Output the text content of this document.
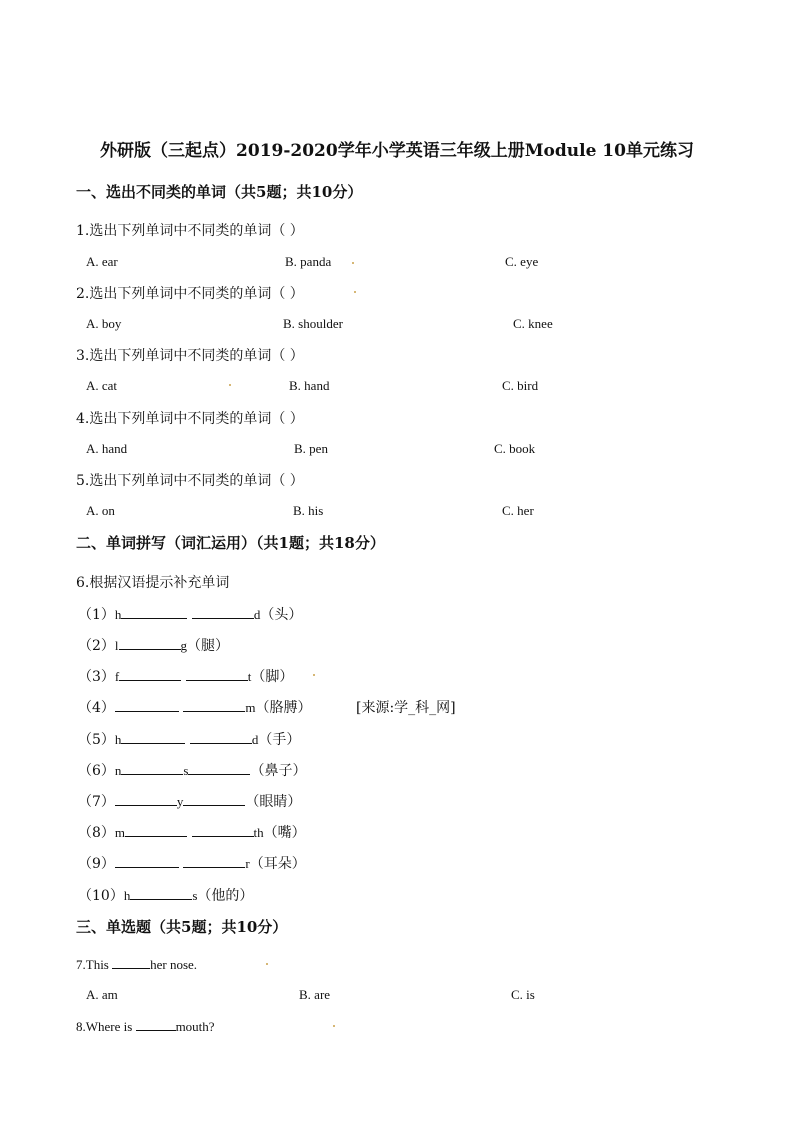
外研版（三起点）2019-2020学年小学英语三年级上册Module 10单元练习
一、选出不同类的单词（共5题；共10分）
1.选出下列单词中不同类的单词（ ）
A. ear	B. panda	C. eye
2.选出下列单词中不同类的单词（ ）
A. boy	B. shoulder	C. knee
3.选出下列单词中不同类的单词（ ）
A. cat	B. hand	C. bird
4.选出下列单词中不同类的单词（ ）
A. hand	B. pen	C. book
5.选出下列单词中不同类的单词（ ）
A. on	B. his	C. her
二、单词拼写（词汇运用）（共1题；共18分）
6.根据汉语提示补充单词
（1）h	d（头）
（2）l	g（腿）
（3）f	t（脚）
（4）	m（胳膊）	[来源:学_科_网]
（5）h	d（手）
（6）n	s	（鼻子）
（7）	y	（眼睛）
（8）m	th（嘴）
（9）	r（耳朵）
（10）h	s（他的）
三、单选题（共5题；共10分）
7.This	her nose.
A. am	B. are	C. is
8.Where is	mouth?
